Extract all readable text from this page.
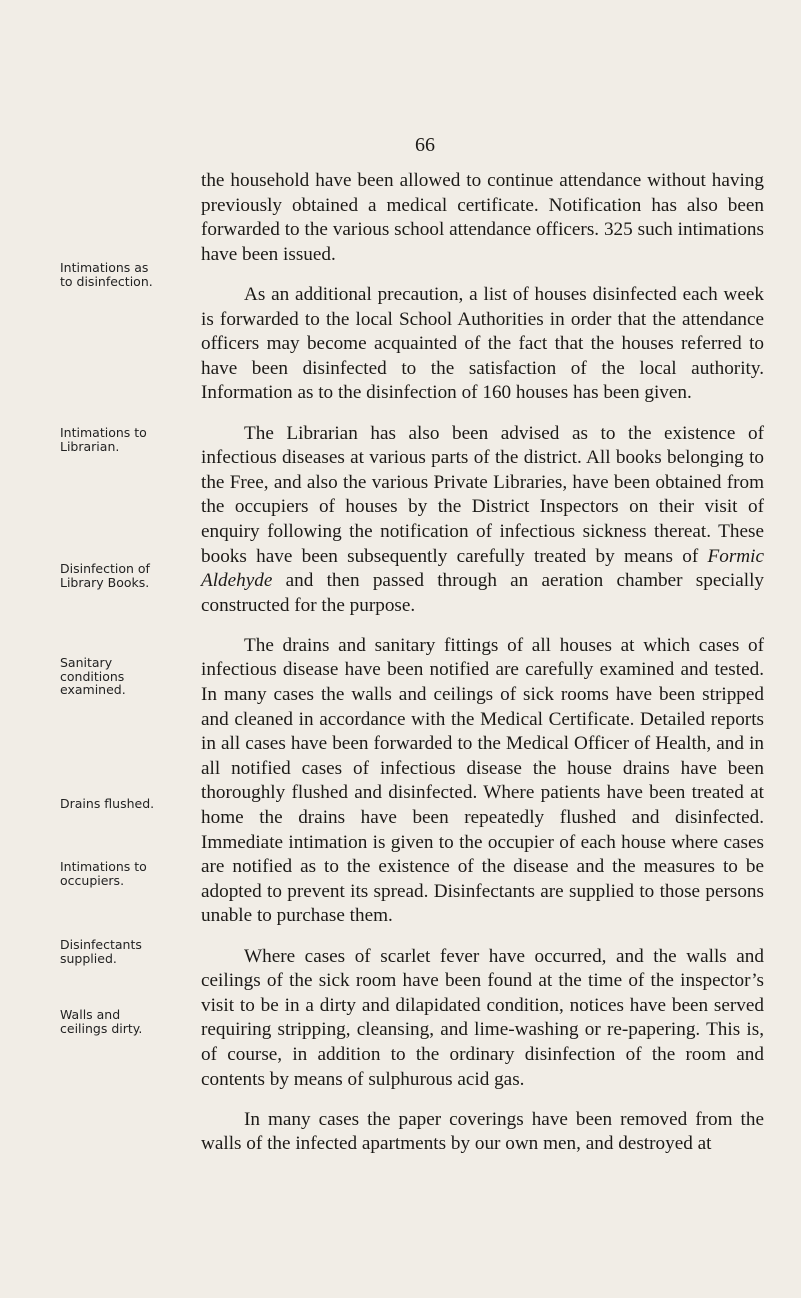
66
Intimations as to disinfection.
Intimations to Librarian.
Disinfection of Library Books.
Sanitary conditions examined.
Drains flushed.
Intimations to occupiers.
Disinfectants supplied.
Walls and ceilings dirty.

the household have been allowed to continue attendance without having previously obtained a medical certificate. Notification has also been forwarded to the various school attendance officers. 325 such intimations have been issued.

As an additional precaution, a list of houses disinfected each week is forwarded to the local School Authorities in order that the attendance officers may become acquainted of the fact that the houses referred to have been disinfected to the satisfaction of the local authority. Information as to the disinfection of 160 houses has been given.

The Librarian has also been advised as to the existence of infectious diseases at various parts of the district. All books belonging to the Free, and also the various Private Libraries, have been obtained from the occupiers of houses by the District Inspectors on their visit of enquiry following the notification of infectious sickness thereat. These books have been subsequently carefully treated by means of Formic Aldehyde and then passed through an aeration chamber specially constructed for the purpose.

The drains and sanitary fittings of all houses at which cases of infectious disease have been notified are carefully examined and tested. In many cases the walls and ceilings of sick rooms have been stripped and cleaned in accordance with the Medical Certificate. Detailed reports in all cases have been forwarded to the Medical Officer of Health, and in all notified cases of infectious disease the house drains have been thoroughly flushed and disinfected. Where patients have been treated at home the drains have been repeatedly flushed and disinfected. Immediate intimation is given to the occupier of each house where cases are notified as to the existence of the disease and the measures to be adopted to prevent its spread. Disinfectants are supplied to those persons unable to purchase them.

Where cases of scarlet fever have occurred, and the walls and ceilings of the sick room have been found at the time of the inspector’s visit to be in a dirty and dilapidated condition, notices have been served requiring stripping, cleansing, and lime-washing or re-papering. This is, of course, in addition to the ordinary disinfection of the room and contents by means of sulphurous acid gas.

In many cases the paper coverings have been removed from the walls of the infected apartments by our own men, and destroyed at
